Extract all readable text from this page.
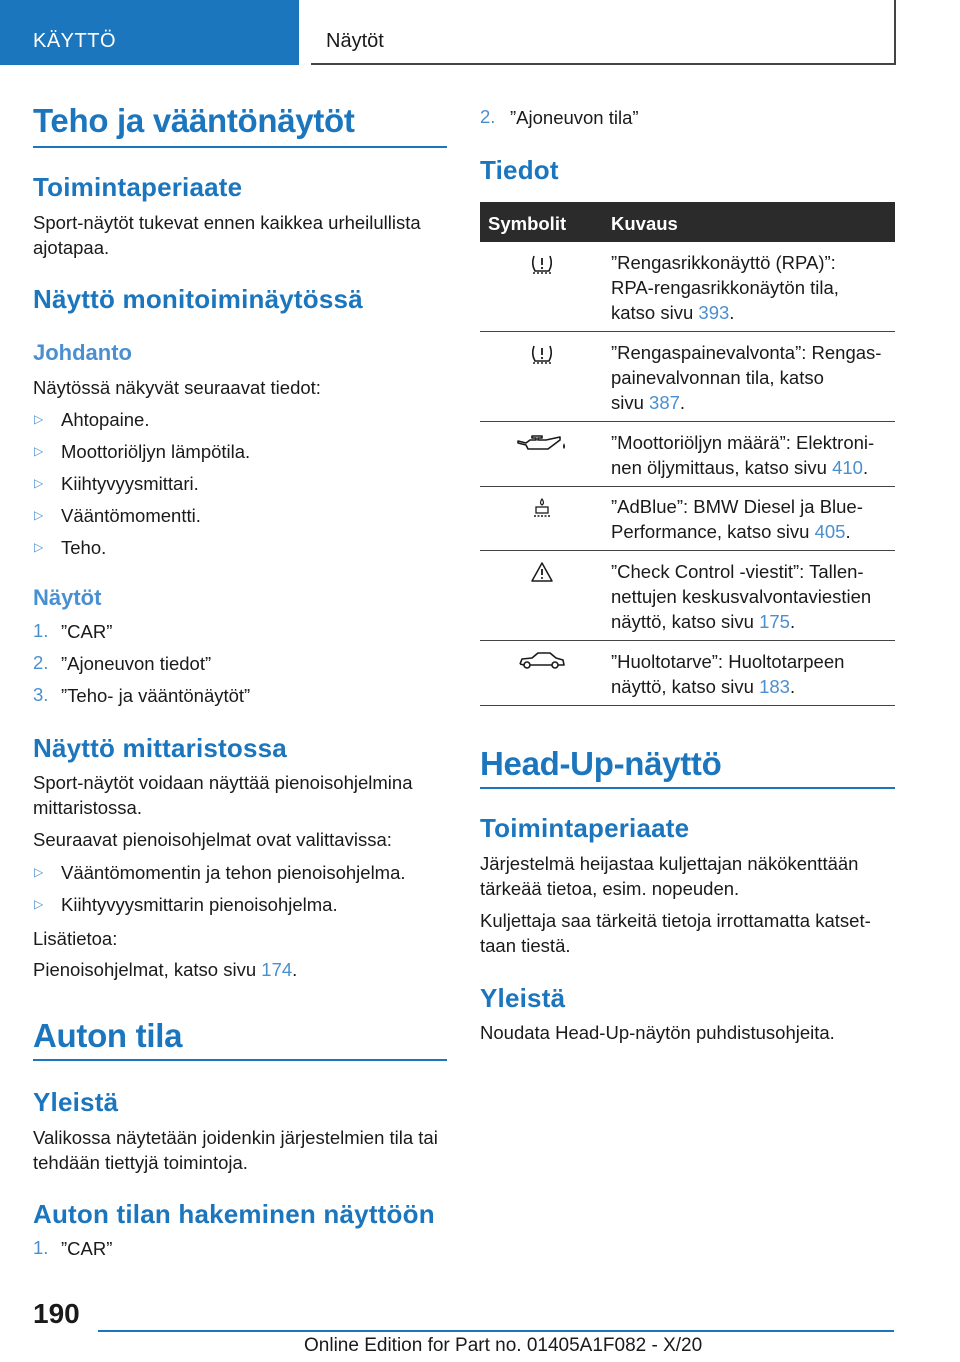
KÄYTTÖ	Näytöt
Teho ja vääntönäytöt
Toimintaperiaate
Sport-näytöt tukevat ennen kaikkea urheilullista
ajotapaa.
Näyttö monitoiminäytössä
Johdanto
Näytössä näkyvät seuraavat tiedot:
▷ Ahtopaine.
▷ Moottoriöljyn lämpötila.
▷ Kiihtyvyysmittari.
▷ Vääntömomentti.
▷ Teho.
Näytöt
1. ”CAR”
2. ”Ajoneuvon tiedot”
3. ”Teho- ja vääntönäytöt”
Näyttö mittaristossa
Sport-näytöt voidaan näyttää pienoisohjelmina
mittaristossa.
Seuraavat pienoisohjelmat ovat valittavissa:
▷ Vääntömomentin ja tehon pienoisohjelma.
▷ Kiihtyvyysmittarin pienoisohjelma.
Lisätietoa:
Pienoisohjelmat, katso sivu 174.
Auton tila
Yleistä
Valikossa näytetään joidenkin järjestelmien tila tai
tehdään tiettyjä toimintoja.
Auton tilan hakeminen näyttöön
1. ”CAR”
2. ”Ajoneuvon tila”
Tiedot
Symbolit Kuvaus
”Rengasrikkonäyttö (RPA)”:
RPA-rengasrikkonäytön tila,
katso sivu 393.
”Rengaspainevalvonta”: Rengas-
painevalvonnan tila, katso
sivu 387.
”Moottoriöljyn määrä”: Elektroni-
nen öljymittaus, katso sivu 410.
”AdBlue”: BMW Diesel ja Blue-
Performance, katso sivu 405.
”Check Control -viestit”: Tallen-
nettujen keskusvalvontaviestien
näyttö, katso sivu 175.
”Huoltotarve”: Huoltotarpeen
näyttö, katso sivu 183.
Head-Up-näyttö
Toimintaperiaate
Järjestelmä heijastaa kuljettajan näkökenttään
tärkeää tietoa, esim. nopeuden.
Kuljettaja saa tärkeitä tietoja irrottamatta katset-
taan tiestä.
Yleistä
Noudata Head-Up-näytön puhdistusohjeita.
190
Online Edition for Part no. 01405A1F082 - X/20
